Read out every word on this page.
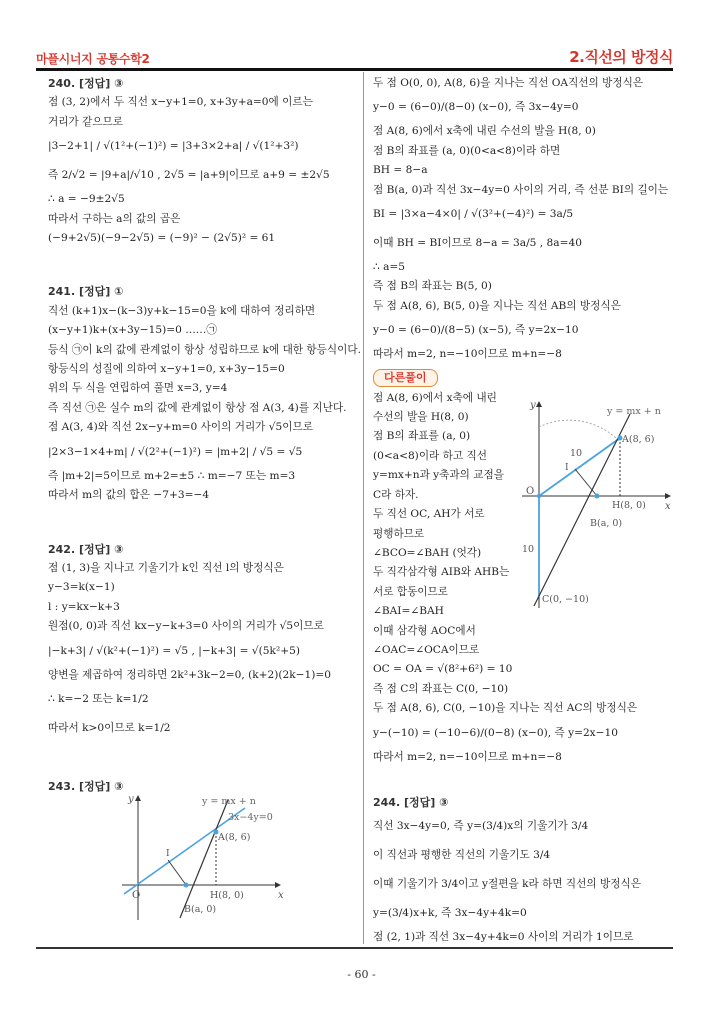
마플시너지 공통수학2	2.직선의 방정식
240. [정답] ③
점 (3, 2)에서 두 직선 x−y+1=0, x+3y+a=0에 이르는
거리가 같으므로
|3−2+1| / √(1²+(−1)²) = |3+3×2+a| / √(1²+3²)
즉 2/√2 = |9+a|/√10 , 2√5 = |a+9|이므로 a+9 = ±2√5
∴ a = −9±2√5
따라서 구하는 a의 값의 곱은
(−9+2√5)(−9−2√5) = (−9)² − (2√5)² = 61
241. [정답] ①
직선 (k+1)x−(k−3)y+k−15=0을 k에 대하여 정리하면
(x−y+1)k+(x+3y−15)=0 ……㉠
등식 ㉠이 k의 값에 관계없이 항상 성립하므로 k에 대한 항등식이다.
항등식의 성질에 의하여 x−y+1=0, x+3y−15=0
위의 두 식을 연립하여 풀면 x=3, y=4
즉 직선 ㉠은 실수 m의 값에 관계없이 항상 점 A(3, 4)를 지난다.
점 A(3, 4)와 직선 2x−y+m=0 사이의 거리가 √5이므로
|2×3−1×4+m| / √(2²+(−1)²) = |m+2| / √5 = √5
즉 |m+2|=5이므로 m+2=±5 ∴ m=−7 또는 m=3
따라서 m의 값의 합은 −7+3=−4
242. [정답] ③
점 (1, 3)을 지나고 기울기가 k인 직선 l의 방정식은
y−3=k(x−1)
l : y=kx−k+3
원점(0, 0)과 직선 kx−y−k+3=0 사이의 거리가 √5이므로
|−k+3| / √(k²+(−1)²) = √5 , |−k+3| = √(5k²+5)
양변을 제곱하여 정리하면 2k²+3k−2=0, (k+2)(2k−1)=0
∴ k=−2 또는 k=1/2
따라서 k>0이므로 k=1/2
243. [정답] ③
두 점 O(0, 0), A(8, 6)을 지나는 직선 OA직선의 방정식은
y−0 = (6−0)/(8−0) (x−0), 즉 3x−4y=0
점 A(8, 6)에서 x축에 내린 수선의 발을 H(8, 0)
점 B의 좌표를 (a, 0)(0<a<8)이라 하면
BH = 8−a
점 B(a, 0)과 직선 3x−4y=0 사이의 거리, 즉 선분 BI의 길이는
BI = |3×a−4×0| / √(3²+(−4)²) = 3a/5
이때 BH = BI이므로 8−a = 3a/5 , 8a=40
∴ a=5
즉 점 B의 좌표는 B(5, 0)
두 점 A(8, 6), B(5, 0)을 지나는 직선 AB의 방정식은
y−0 = (6−0)/(8−5) (x−5), 즉 y=2x−10
따라서 m=2, n=−10이므로 m+n=−8
다른풀이
점 A(8, 6)에서 x축에 내린
수선의 발을 H(8, 0)
점 B의 좌표를 (a, 0)
(0<a<8)이라 하고 직선
y=mx+n과 y축과의 교점을
C라 하자.
두 직선 OC, AH가 서로
평행하므로
∠BCO=∠BAH (엇각)
두 직각삼각형 AIB와 AHB는
서로 합동이므로
∠BAI=∠BAH
이때 삼각형 AOC에서
∠OAC=∠OCA이므로
OC = OA = √(8²+6²) = 10
즉 점 C의 좌표는 C(0, −10)
두 점 A(8, 6), C(0, −10)을 지나는 직선 AC의 방정식은
y−(−10) = (−10−6)/(0−8) (x−0), 즉 y=2x−10
따라서 m=2, n=−10이므로 m+n=−8
244. [정답] ③
직선 3x−4y=0, 즉 y=(3/4)x의 기울기가 3/4
이 직선과 평행한 직선의 기울기도 3/4
이때 기울기가 3/4이고 y절편을 k라 하면 직선의 방정식은
y=(3/4)x+k, 즉 3x−4y+4k=0
점 (2, 1)과 직선 3x−4y+4k=0 사이의 거리가 1이므로
y
x
O
y = mx + n
3x−4y=0
A(8, 6)
H(8, 0)
B(a, 0)
I
y
x
O
y = mx + n
A(8, 6)
H(8, 0)
B(a, 0)
C(0, −10)
I
10
10
- 60 -
